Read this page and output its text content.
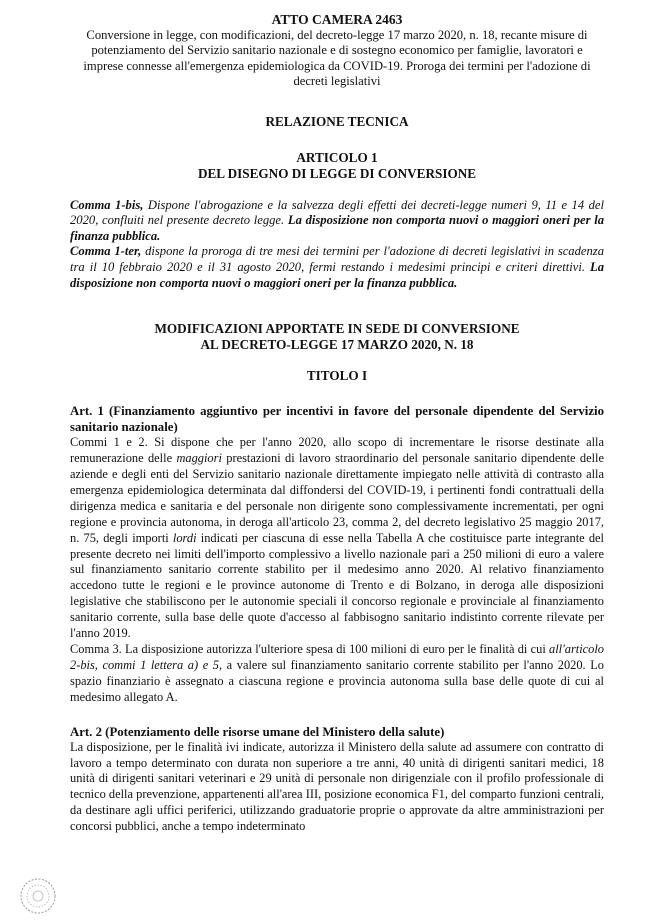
ATTO CAMERA 2463

Conversione in legge, con modificazioni, del decreto-legge 17 marzo 2020, n. 18, recante misure di potenziamento del Servizio sanitario nazionale e di sostegno economico per famiglie, lavoratori e imprese connesse all'emergenza epidemiologica da COVID-19. Proroga dei termini per l'adozione di decreti legislativi

RELAZIONE TECNICA

ARTICOLO 1

DEL DISEGNO DI LEGGE DI CONVERSIONE

Comma 1-bis, Dispone l'abrogazione e la salvezza degli effetti dei decreti-legge numeri 9, 11 e 14 del 2020, confluiti nel presente decreto legge. La disposizione non comporta nuovi o maggiori oneri per la finanza pubblica.

Comma 1-ter, dispone la proroga di tre mesi dei termini per l'adozione di decreti legislativi in scadenza tra il 10 febbraio 2020 e il 31 agosto 2020, fermi restando i medesimi principi e criteri direttivi. La disposizione non comporta nuovi o maggiori oneri per la finanza pubblica.

MODIFICAZIONI APPORTATE IN SEDE DI CONVERSIONE

AL DECRETO-LEGGE 17 MARZO 2020, N. 18

TITOLO I

Art. 1 (Finanziamento aggiuntivo per incentivi in favore del personale dipendente del Servizio sanitario nazionale)

Commi 1 e 2. Si dispone che per l'anno 2020, allo scopo di incrementare le risorse destinate alla remunerazione delle maggiori prestazioni di lavoro straordinario del personale sanitario dipendente delle aziende e degli enti del Servizio sanitario nazionale direttamente impiegato nelle attività di contrasto alla emergenza epidemiologica determinata dal diffondersi del COVID-19, i pertinenti fondi contrattuali della dirigenza medica e sanitaria e del personale non dirigente sono complessivamente incrementati, per ogni regione e provincia autonoma, in deroga all'articolo 23, comma 2, del decreto legislativo 25 maggio 2017, n. 75, degli importi lordi indicati per ciascuna di esse nella Tabella A che costituisce parte integrante del presente decreto nei limiti dell'importo complessivo a livello nazionale pari a 250 milioni di euro a valere sul finanziamento sanitario corrente stabilito per il medesimo anno 2020. Al relativo finanziamento accedono tutte le regioni e le province autonome di Trento e di Bolzano, in deroga alle disposizioni legislative che stabiliscono per le autonomie speciali il concorso regionale e provinciale al finanziamento sanitario corrente, sulla base delle quote d'accesso al fabbisogno sanitario indistinto corrente rilevate per l'anno 2019.

Comma 3. La disposizione autorizza l'ulteriore spesa di 100 milioni di euro per le finalità di cui all'articolo 2-bis, commi 1 lettera a) e 5, a valere sul finanziamento sanitario corrente stabilito per l'anno 2020. Lo spazio finanziario è assegnato a ciascuna regione e provincia autonoma sulla base delle quote di cui al medesimo allegato A.

Art. 2 (Potenziamento delle risorse umane del Ministero della salute)

La disposizione, per le finalità ivi indicate, autorizza il Ministero della salute ad assumere con contratto di lavoro a tempo determinato con durata non superiore a tre anni, 40 unità di dirigenti sanitari medici, 18 unità di dirigenti sanitari veterinari e 29 unità di personale non dirigenziale con il profilo professionale di tecnico della prevenzione, appartenenti all'area III, posizione economica F1, del comparto funzioni centrali, da destinare agli uffici periferici, utilizzando graduatorie proprie o approvate da altre amministrazioni per concorsi pubblici, anche a tempo indeterminato
